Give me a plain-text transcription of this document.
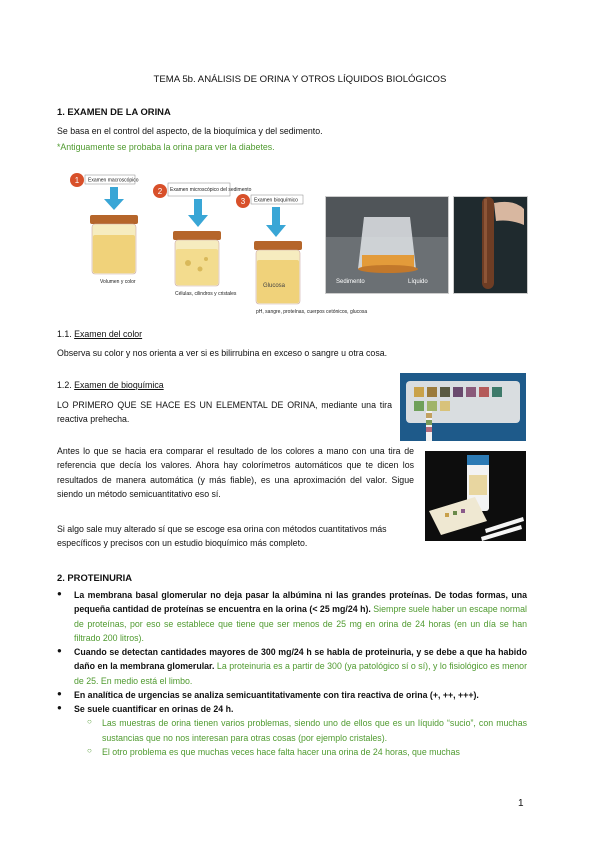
TEMA 5b. ANÁLISIS DE ORINA Y OTROS LÍQUIDOS BIOLÓGICOS
1. EXAMEN DE LA ORINA
Se basa en el control del aspecto, de la bioquímica y del sedimento.
*Antiguamente se probaba la orina para ver la diabetes.
1 Examen macroscópico
Volumen y color
2 Examen microscópico del sedimento
Células, cilindros y cristales
3 Examen bioquímico
Glucosa
pH, sangre, proteínas, cuerpos cetónicos, glucosa
Sedimento	Líquido
1.1. Examen del color
Observa su color y nos orienta a ver si es bilirrubina en exceso o sangre u otra cosa.
1.2. Examen de bioquímica
LO PRIMERO QUE SE HACE ES UN ELEMENTAL DE ORINA, mediante una tira reactiva prehecha.
Antes lo que se hacia era comparar el resultado de los colores a mano con una tira de referencia que decía los valores. Ahora hay colorímetros automáticos que te dicen los resultados de manera automática (y más fiable), es una aproximación del valor. Sigue siendo un método semicuantitativo eso sí.
Si algo sale muy alterado sí que se escoge esa orina con métodos cuantitativos más específicos y precisos con un estudio bioquímico más completo.
2. PROTEINURIA
● La membrana basal glomerular no deja pasar la albúmina ni las grandes proteínas. De todas formas, una pequeña cantidad de proteínas se encuentra en la orina (< 25 mg/24 h). Siempre suele haber un escape normal de proteínas, por eso se establece que tiene que ser menos de 25 mg en orina de 24 horas (en un día se han filtrado 200 litros).
● Cuando se detectan cantidades mayores de 300 mg/24 h se habla de proteinuria, y se debe a que ha habido daño en la membrana glomerular. La proteinuria es a partir de 300 (ya patológico sí o sí), y lo fisiológico es menor de 25. En medio está el limbo.
● En analítica de urgencias se analiza semicuantitativamente con tira reactiva de orina (+, ++, +++).
● Se suele cuantificar en orinas de 24 h.
○ Las muestras de orina tienen varios problemas, siendo uno de ellos que es un líquido “sucio”, con muchas sustancias que no nos interesan para otras cosas (por ejemplo cristales).
○ El otro problema es que muchas veces hace falta hacer una orina de 24 horas, que muchas
1
